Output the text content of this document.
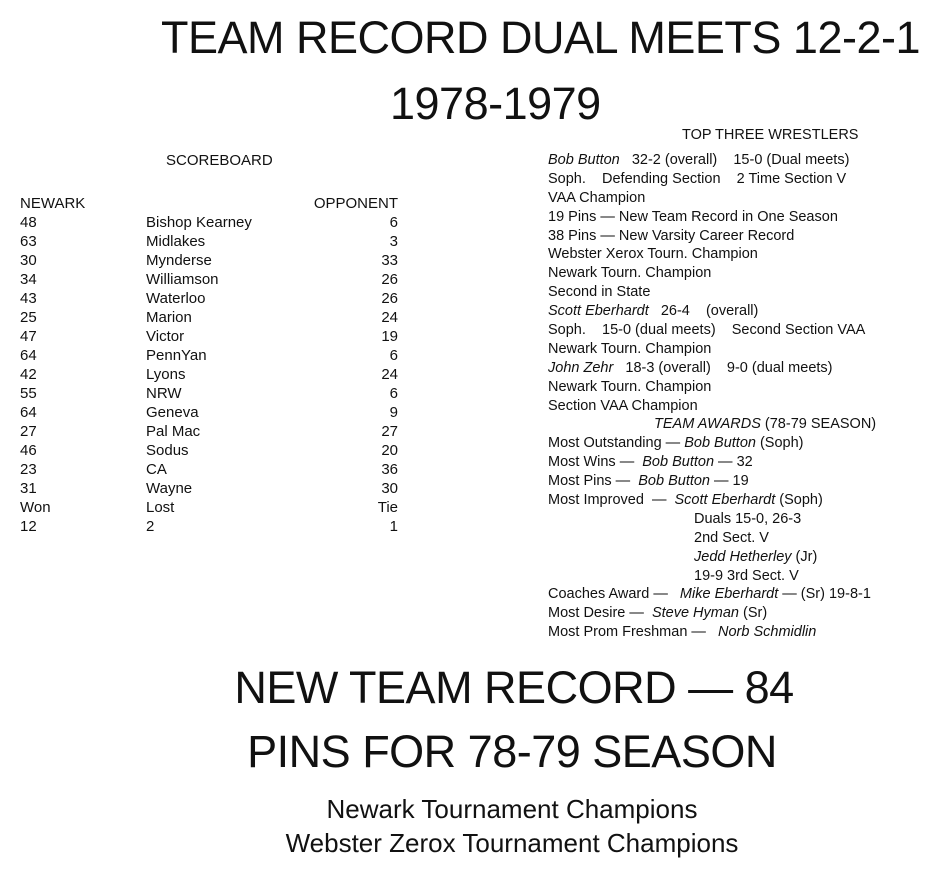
TEAM RECORD DUAL MEETS 12-2-1
1978-1979
SCOREBOARD
NEWARK
48
63
30
34
43
25
47
64
42
55
64
27
46
23
31
Won
12

Bishop Kearney
Midlakes
Mynderse
Williamson
Waterloo
Marion
Victor
PennYan
Lyons
NRW
Geneva
Pal Mac
Sodus
CA
Wayne
Lost
2
OPPONENT
6
3
33
26
26
24
19
6
24
6
9
27
20
36
30
Tie
1
TOP THREE WRESTLERS
Bob Button   32-2 (overall)    15-0 (Dual meets)
Soph.    Defending Section    2 Time Section V
VAA Champion
19 Pins — New Team Record in One Season
38 Pins — New Varsity Career Record
Webster Xerox Tourn. Champion
Newark Tourn. Champion
Second in State
Scott Eberhardt   26-4    (overall)
Soph.    15-0 (dual meets)    Second Section VAA
Newark Tourn. Champion
John Zehr   18-3 (overall)    9-0 (dual meets)
Newark Tourn. Champion
Section VAA Champion
TEAM AWARDS (78-79 SEASON)
Most Outstanding — Bob Button (Soph)
Most Wins —  Bob Button — 32
Most Pins —  Bob Button — 19
Most Improved  —  Scott Eberhardt (Soph)
Duals 15-0, 26-3
2nd Sect. V
Jedd Hetherley (Jr)
19-9 3rd Sect. V
Coaches Award —   Mike Eberhardt — (Sr) 19-8-1
Most Desire —  Steve Hyman (Sr)
Most Prom Freshman —   Norb Schmidlin
NEW TEAM RECORD — 84
PINS FOR 78-79 SEASON
Newark Tournament Champions
Webster Zerox Tournament Champions
